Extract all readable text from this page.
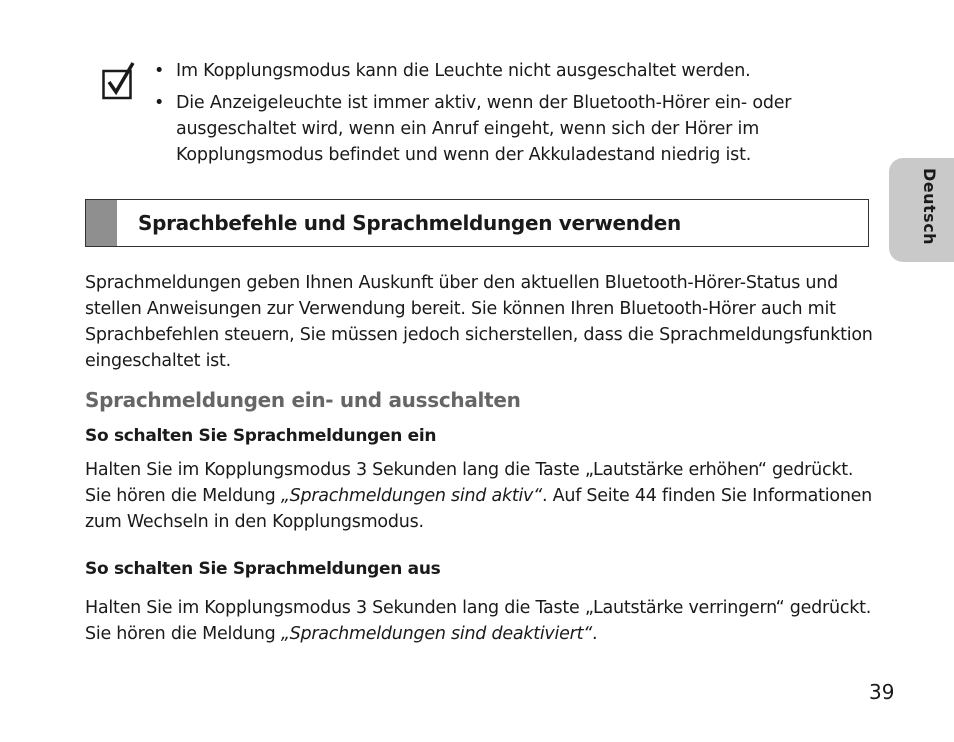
• Im Kopplungsmodus kann die Leuchte nicht ausgeschaltet werden.
• Die Anzeigeleuchte ist immer aktiv, wenn der Bluetooth-Hörer ein- oder ausgeschaltet wird, wenn ein Anruf eingeht, wenn sich der Hörer im Kopplungsmodus befindet und wenn der Akkuladestand niedrig ist.
Sprachbefehle und Sprachmeldungen verwenden	Deutsch

Sprachmeldungen geben Ihnen Auskunft über den aktuellen Bluetooth-Hörer-Status und stellen Anweisungen zur Verwendung bereit. Sie können Ihren Bluetooth-Hörer auch mit Sprachbefehlen steuern, Sie müssen jedoch sicherstellen, dass die Sprachmeldungsfunktion eingeschaltet ist.

Sprachmeldungen ein- und ausschalten
So schalten Sie Sprachmeldungen ein

Halten Sie im Kopplungsmodus 3 Sekunden lang die Taste „Lautstärke erhöhen“ gedrückt. Sie hören die Meldung „Sprachmeldungen sind aktiv“. Auf Seite 44 finden Sie Informationen zum Wechseln in den Kopplungsmodus.

So schalten Sie Sprachmeldungen aus

Halten Sie im Kopplungsmodus 3 Sekunden lang die Taste „Lautstärke verringern“ gedrückt. Sie hören die Meldung „Sprachmeldungen sind deaktiviert“.

39
